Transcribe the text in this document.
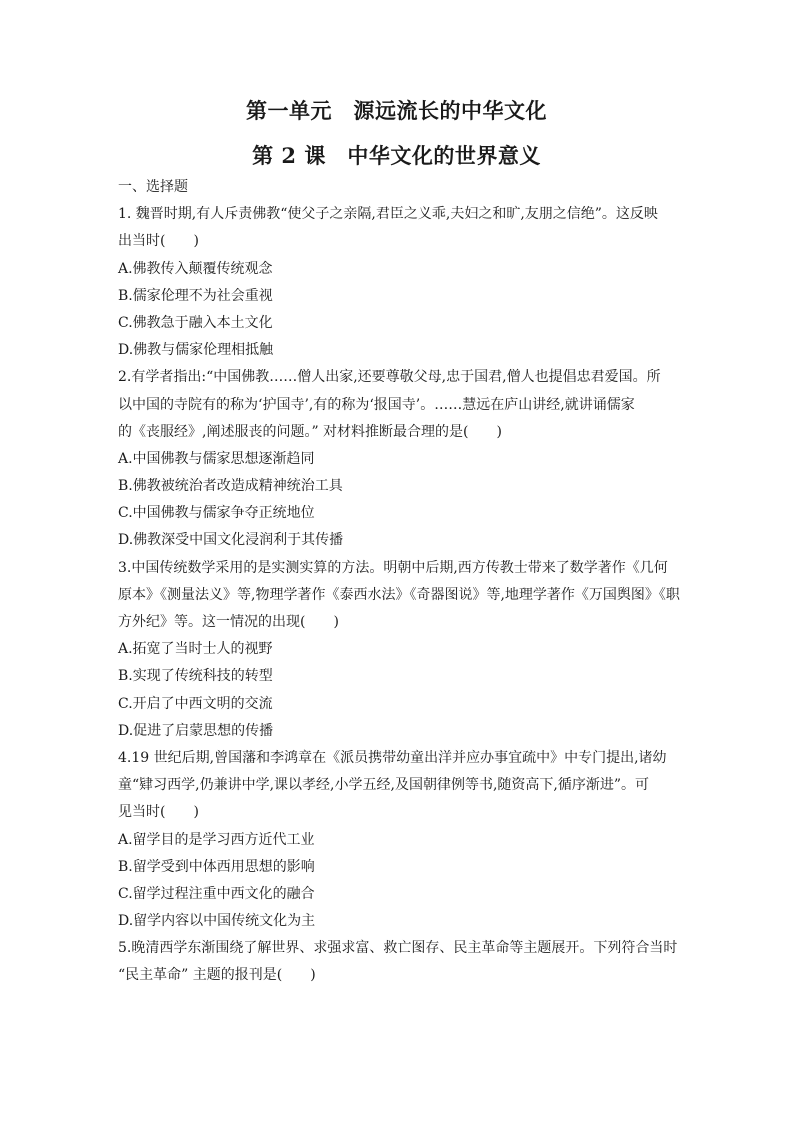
第一单元　源远流长的中华文化
第 2 课　中华文化的世界意义
一、选择题
1. 魏晋时期,有人斥责佛教“使父子之亲隔,君臣之义乖,夫妇之和旷,友朋之信绝”。这反映
出当时(　　)
A.佛教传入颠覆传统观念
B.儒家伦理不为社会重视
C.佛教急于融入本土文化
D.佛教与儒家伦理相抵触
2.有学者指出:“中国佛教……僧人出家,还要尊敬父母,忠于国君,僧人也提倡忠君爱国。所
以中国的寺院有的称为‘护国寺’,有的称为‘报国寺’。……慧远在庐山讲经,就讲诵儒家
的《丧服经》,阐述服丧的问题。” 对材料推断最合理的是(　　)
A.中国佛教与儒家思想逐渐趋同
B.佛教被统治者改造成精神统治工具
C.中国佛教与儒家争夺正统地位
D.佛教深受中国文化浸润利于其传播
3.中国传统数学采用的是实测实算的方法。明朝中后期,西方传教士带来了数学著作《几何
原本》《测量法义》等,物理学著作《泰西水法》《奇器图说》等,地理学著作《万国舆图》《职
方外纪》等。这一情况的出现(　　)
A.拓宽了当时士人的视野
B.实现了传统科技的转型
C.开启了中西文明的交流
D.促进了启蒙思想的传播
4.19 世纪后期,曾国藩和李鸿章在《派员携带幼童出洋并应办事宜疏中》中专门提出,诸幼
童“肄习西学,仍兼讲中学,课以孝经,小学五经,及国朝律例等书,随资高下,循序渐进”。可
见当时(　　)
A.留学目的是学习西方近代工业
B.留学受到中体西用思想的影响
C.留学过程注重中西文化的融合
D.留学内容以中国传统文化为主
5.晚清西学东渐围绕了解世界、求强求富、救亡图存、民主革命等主题展开。下列符合当时
“民主革命” 主题的报刊是(　　)
